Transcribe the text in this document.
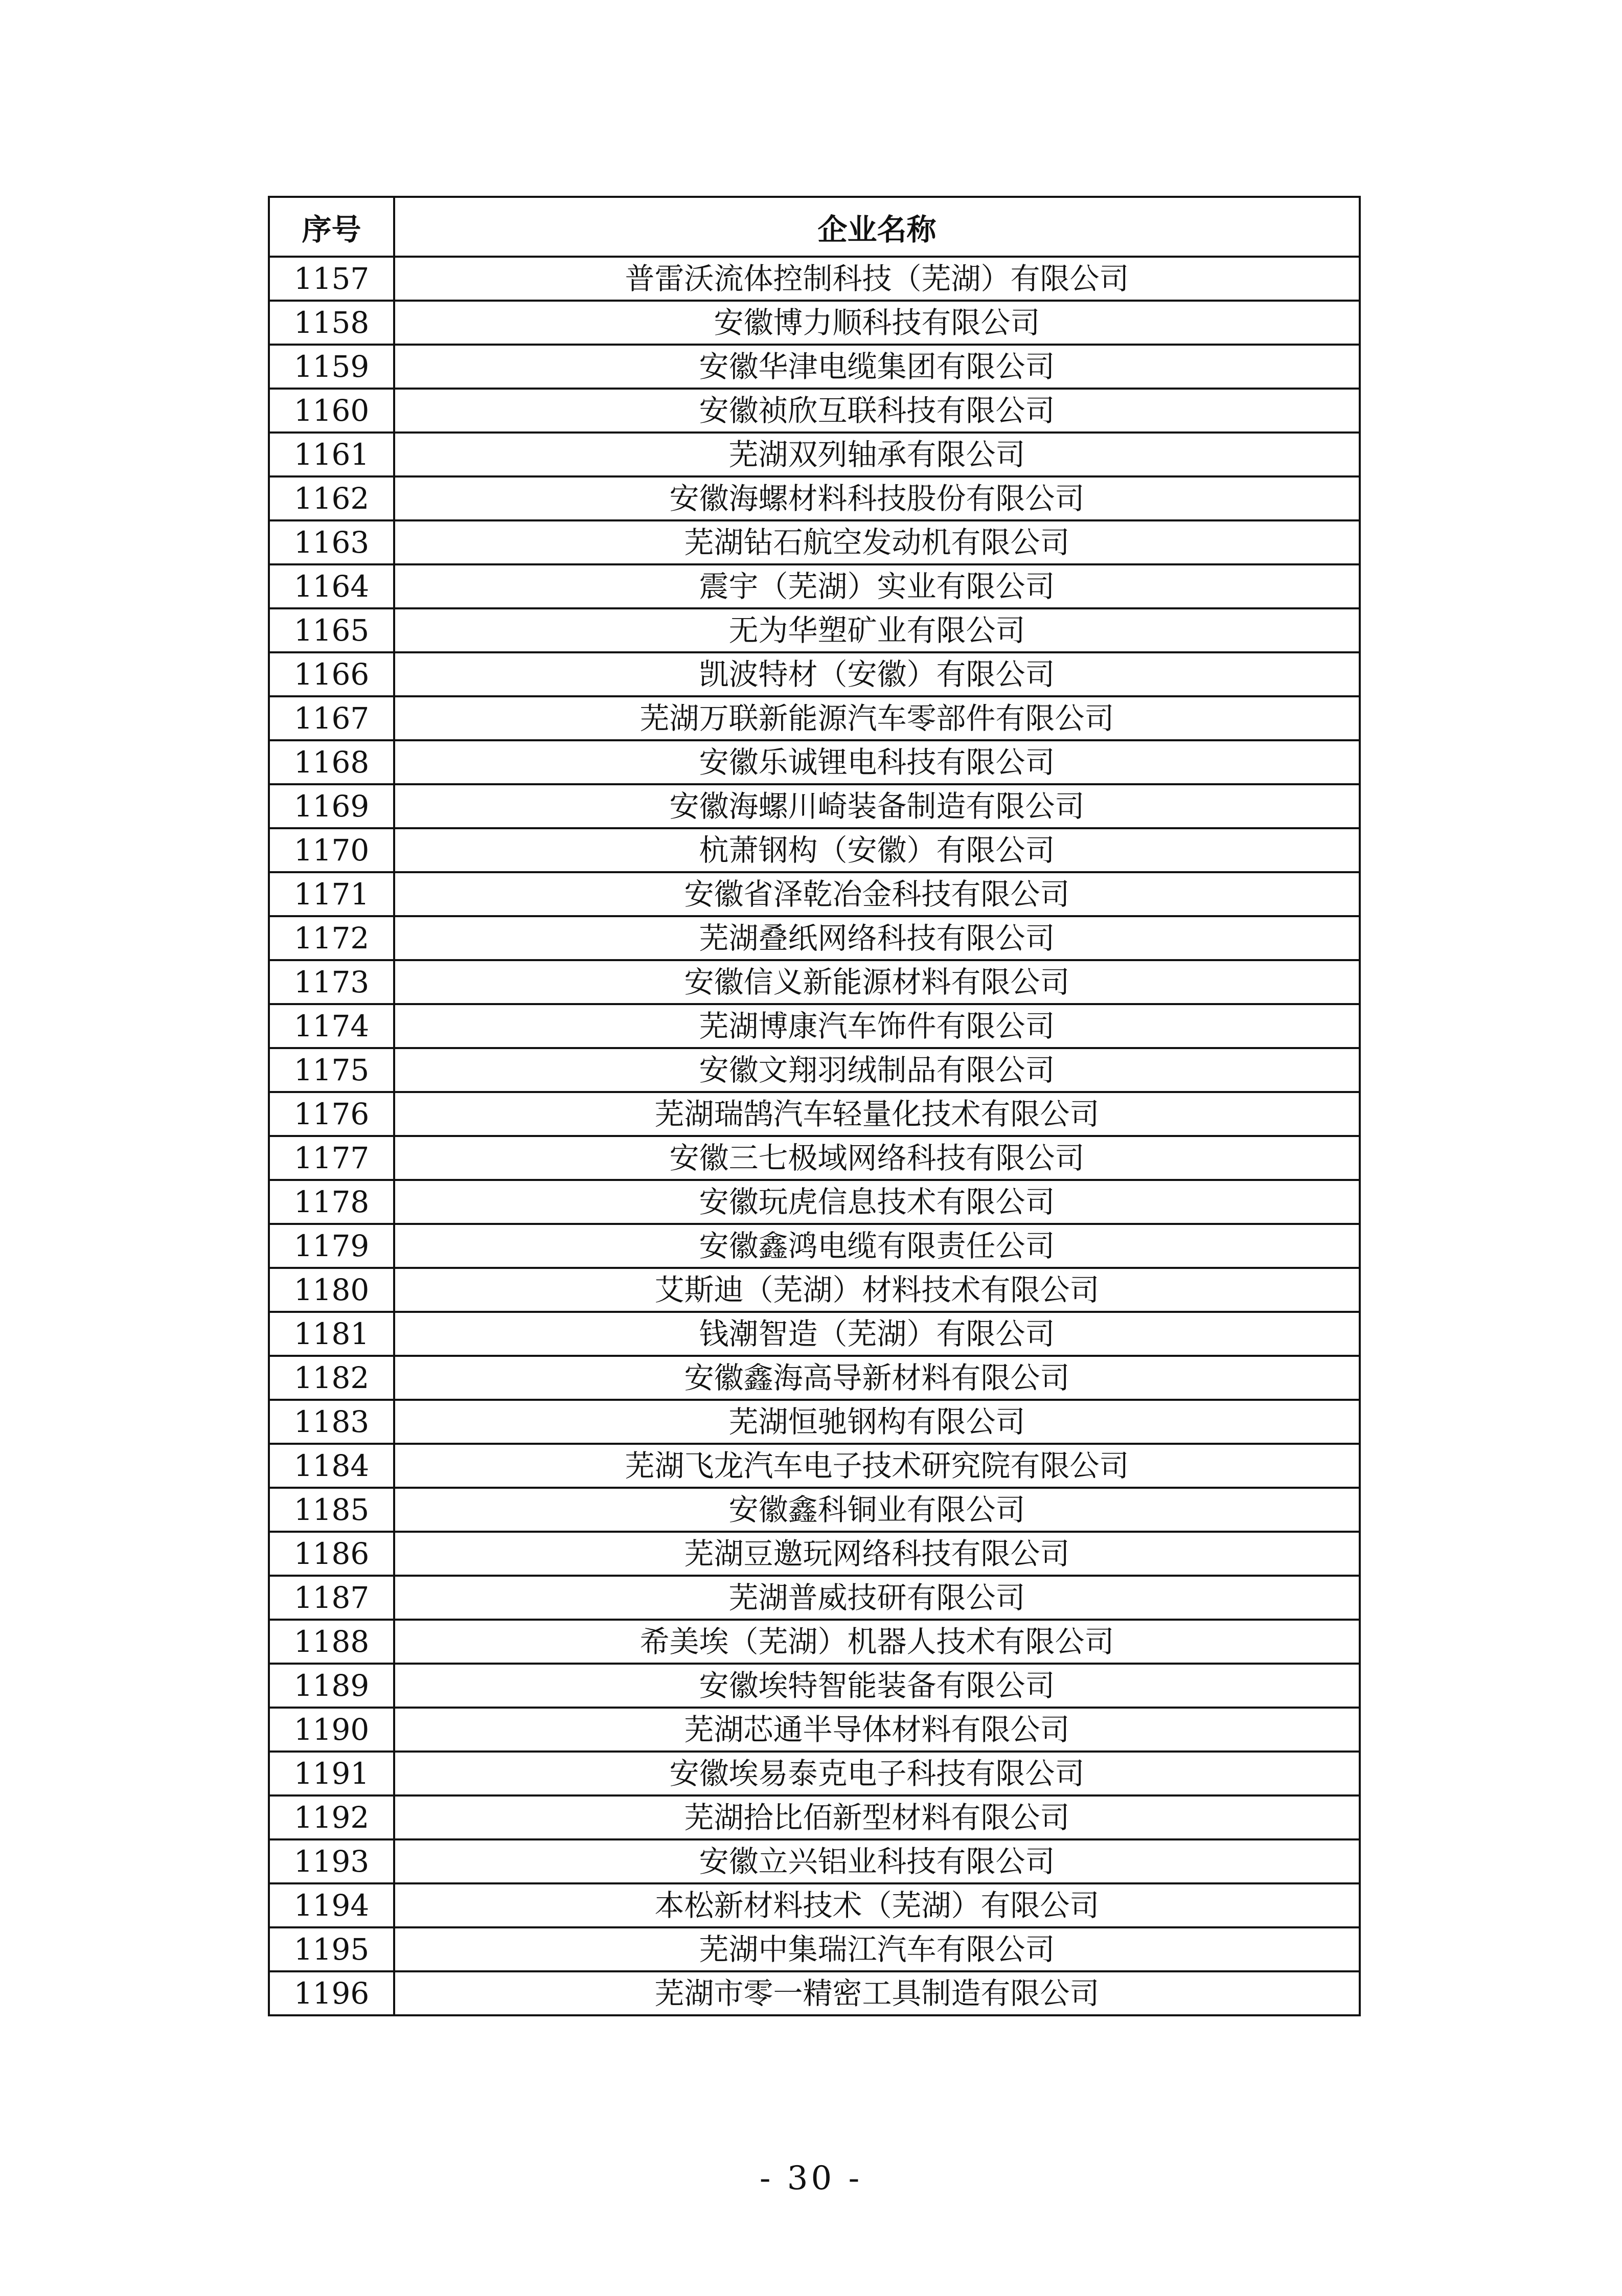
序号	企业名称
1157	普雷沃流体控制科技（芜湖）有限公司
1158	安徽博力顺科技有限公司
1159	安徽华津电缆集团有限公司
1160	安徽祯欣互联科技有限公司
1161	芜湖双列轴承有限公司
1162	安徽海螺材料科技股份有限公司
1163	芜湖钻石航空发动机有限公司
1164	震宇（芜湖）实业有限公司
1165	无为华塑矿业有限公司
1166	凯波特材（安徽）有限公司
1167	芜湖万联新能源汽车零部件有限公司
1168	安徽乐诚锂电科技有限公司
1169	安徽海螺川崎装备制造有限公司
1170	杭萧钢构（安徽）有限公司
1171	安徽省泽乾冶金科技有限公司
1172	芜湖叠纸网络科技有限公司
1173	安徽信义新能源材料有限公司
1174	芜湖博康汽车饰件有限公司
1175	安徽文翔羽绒制品有限公司
1176	芜湖瑞鹄汽车轻量化技术有限公司
1177	安徽三七极域网络科技有限公司
1178	安徽玩虎信息技术有限公司
1179	安徽鑫鸿电缆有限责任公司
1180	艾斯迪（芜湖）材料技术有限公司
1181	钱潮智造（芜湖）有限公司
1182	安徽鑫海高导新材料有限公司
1183	芜湖恒驰钢构有限公司
1184	芜湖飞龙汽车电子技术研究院有限公司
1185	安徽鑫科铜业有限公司
1186	芜湖豆邀玩网络科技有限公司
1187	芜湖普威技研有限公司
1188	希美埃（芜湖）机器人技术有限公司
1189	安徽埃特智能装备有限公司
1190	芜湖芯通半导体材料有限公司
1191	安徽埃易泰克电子科技有限公司
1192	芜湖拾比佰新型材料有限公司
1193	安徽立兴铝业科技有限公司
1194	本松新材料技术（芜湖）有限公司
1195	芜湖中集瑞江汽车有限公司
1196	芜湖市零一精密工具制造有限公司
- 30 -
